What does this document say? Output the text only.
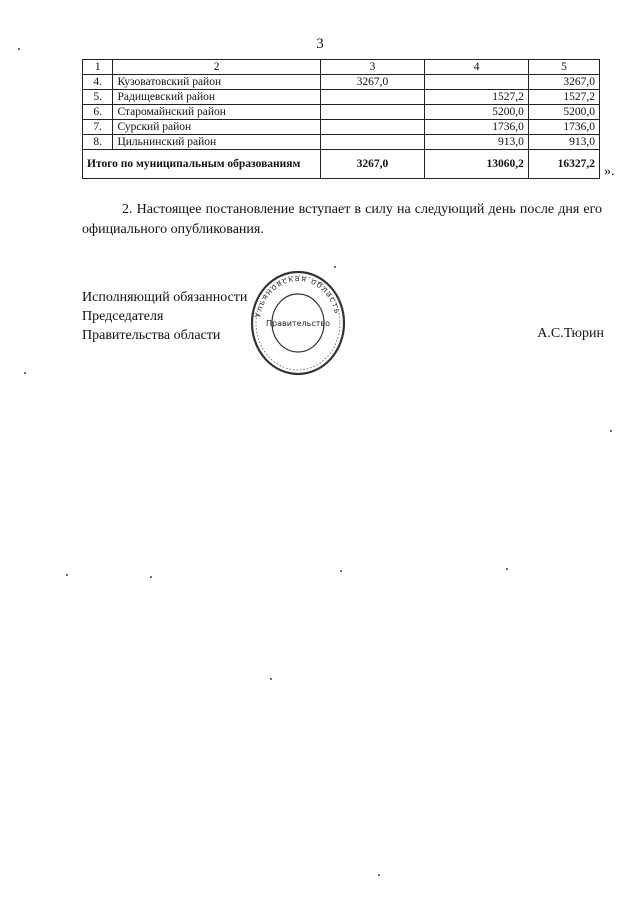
3
1	2	3	4	5
4.	Кузоватовский район	3267,0		3267,0
5.	Радищевский район		1527,2	1527,2
6.	Старомайнский район		5200,0	5200,0
7.	Сурский район		1736,0	1736,0
8.	Цильнинский район		913,0	913,0
Итого по муниципальным образованиям		3267,0	13060,2	16327,2
».
2. Настоящее постановление вступает в силу на следующий день после дня его официального опубликования.
Исполняющий обязанности
Председателя
Правительства области	А.С.Тюрин
Ульяновская область
Правительство
